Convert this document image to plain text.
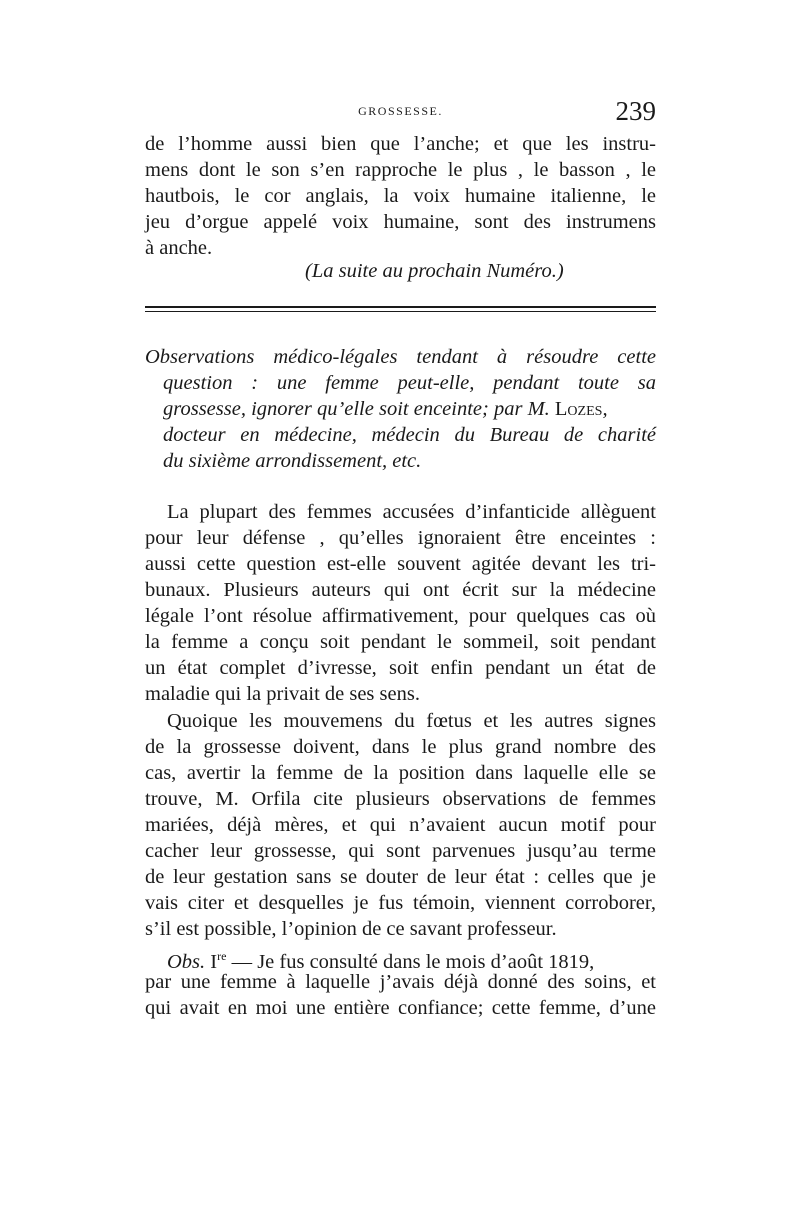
GROSSESSE.	239

de l’homme aussi bien que l’anche; et que les instru-

mens dont le son s’en rapproche le plus , le basson , le

hautbois, le cor anglais, la voix humaine italienne, le

jeu d’orgue appelé voix humaine, sont des instrumens

à anche.

(La suite au prochain Numéro.)

Observations médico-légales tendant à résoudre cette

question : une femme peut-elle, pendant toute sa

grossesse, ignorer qu’elle soit enceinte; par M. Lozes,

docteur en médecine, médecin du Bureau de charité

du sixième arrondissement, etc.

La plupart des femmes accusées d’infanticide allèguent

pour leur défense , qu’elles ignoraient être enceintes :

aussi cette question est-elle souvent agitée devant les tri-

bunaux. Plusieurs auteurs qui ont écrit sur la médecine

légale l’ont résolue affirmativement, pour quelques cas où

la femme a conçu soit pendant le sommeil, soit pendant

un état complet d’ivresse, soit enfin pendant un état de

maladie qui la privait de ses sens.

Quoique les mouvemens du fœtus et les autres signes

de la grossesse doivent, dans le plus grand nombre des

cas, avertir la femme de la position dans laquelle elle se

trouve, M. Orfila cite plusieurs observations de femmes

mariées, déjà mères, et qui n’avaient aucun motif pour

cacher leur grossesse, qui sont parvenues jusqu’au terme

de leur gestation sans se douter de leur état : celles que je

vais citer et desquelles je fus témoin, viennent corroborer,

s’il est possible, l’opinion de ce savant professeur.

Obs. Ire — Je fus consulté dans le mois d’août 1819,

par une femme à laquelle j’avais déjà donné des soins, et

qui avait en moi une entière confiance; cette femme, d’une
